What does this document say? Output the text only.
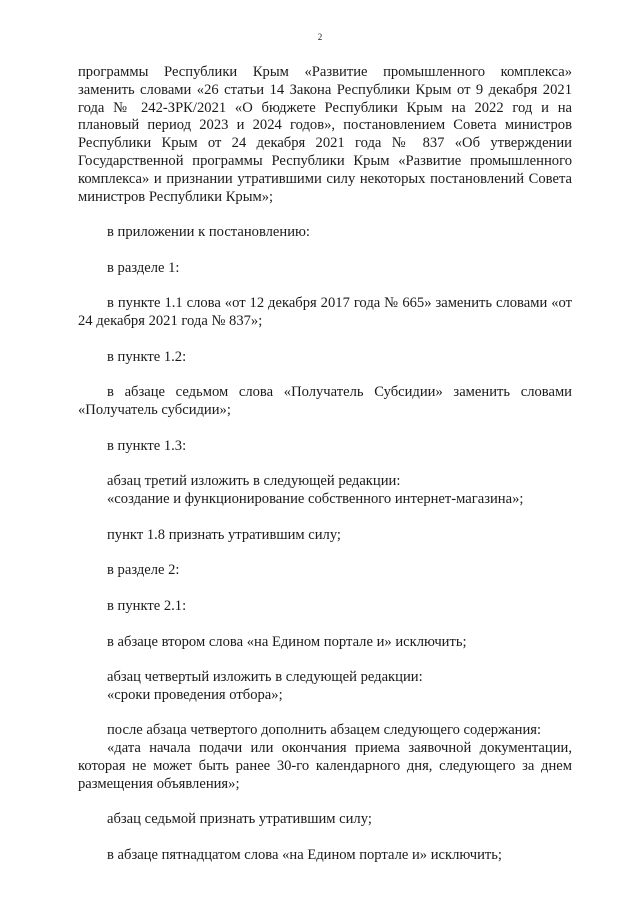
2

программы Республики Крым «Развитие промышленного комплекса» заменить словами «26 статьи 14 Закона Республики Крым от 9 декабря 2021 года № 242-ЗРК/2021 «О бюджете Республики Крым на 2022 год и на плановый период 2023 и 2024 годов», постановлением Совета министров Республики Крым от 24 декабря 2021 года № 837 «Об утверждении Государственной программы Республики Крым «Развитие промышленного комплекса» и признании утратившими силу некоторых постановлений Совета министров Республики Крым»;

в приложении к постановлению:

в разделе 1:

в пункте 1.1 слова «от 12 декабря 2017 года № 665» заменить словами «от 24 декабря 2021 года № 837»;

в пункте 1.2:

в абзаце седьмом слова «Получатель Субсидии» заменить словами «Получатель субсидии»;

в пункте 1.3:

абзац третий изложить в следующей редакции:

«создание и функционирование собственного интернет-магазина»;

пункт 1.8 признать утратившим силу;

в разделе 2:

в пункте 2.1:

в абзаце втором слова «на Едином портале и» исключить;

абзац четвертый изложить в следующей редакции:

«сроки проведения отбора»;

после абзаца четвертого дополнить абзацем следующего содержания:

«дата начала подачи или окончания приема заявочной документации, которая не может быть ранее 30-го календарного дня, следующего за днем размещения объявления»;

абзац седьмой признать утратившим силу;

в абзаце пятнадцатом слова «на Едином портале и» исключить;
